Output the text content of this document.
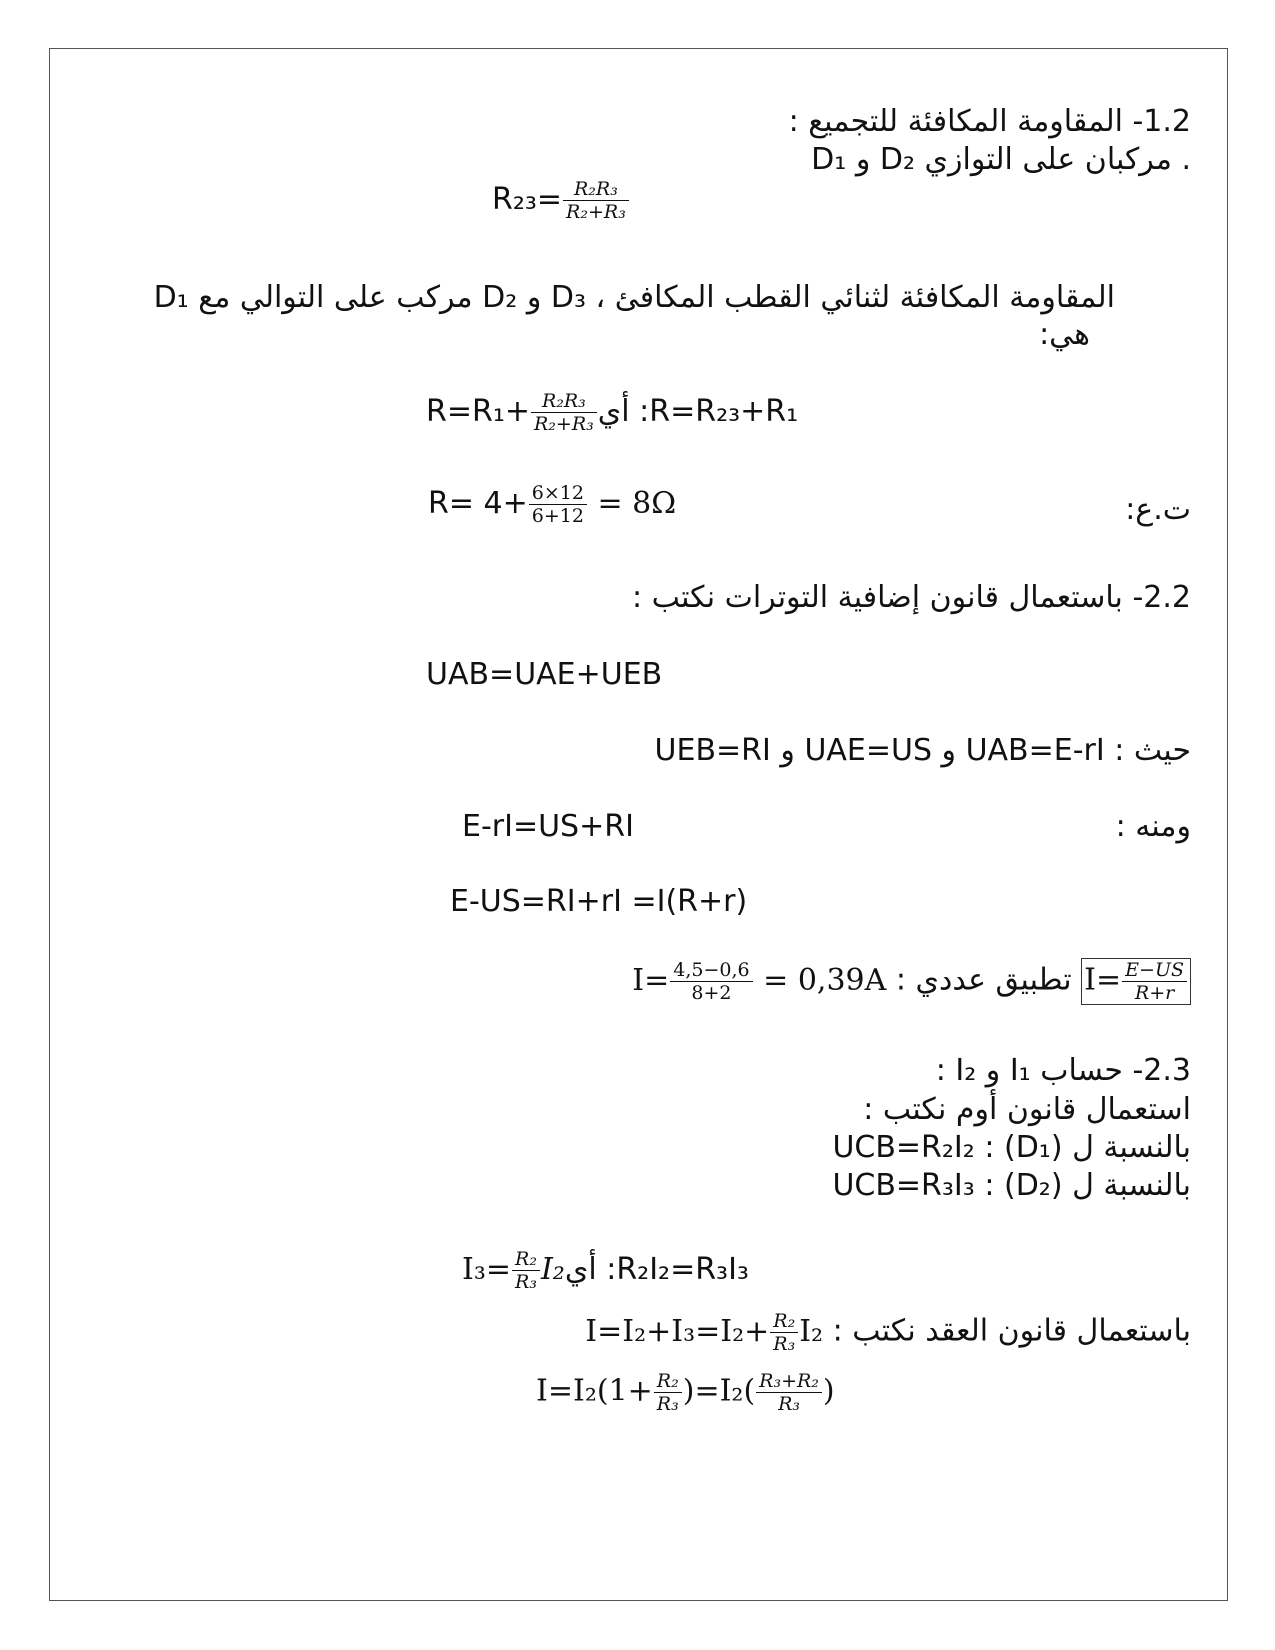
1.2- المقاومة المكافئة للتجميع :
D₁ و D₂ مركبان على التوازي .
$R_{23}= \frac{\text{R₂R₃}}{\text{R₂+R₃}}$
D₁ مركب على التوالي مع D₂ و D₃ ، المقاومة المكافئة لثنائي القطب المكافئ
هي:
$R=R_1+ \frac{\text{R₂R₃}}{\text{R₂+R₃}}$ أي :R=R₂₃+R₁
ت.ع:
$R= 4+ \frac{6\times 12}{6+12} = 8\Omega$
2.2- باستعمال قانون إضافية التوترات نكتب :
UAB=UAE+UEB
حيث : UAB=E-rI و UAE=US و UEB=RI
ومنه :
E-rI=US+RI
E-US=RI+rI =I(R+r)
$I= \frac{E-US}{R+r}$
تطبيق عددي : $I= \frac{4,5-0,6}{8+2} = 0,39A$
2.3- حساب I₁ و I₂ :
استعمال قانون أوم نكتب :
بالنسبة ل (D₁) : UCB=R₂I₂
بالنسبة ل (D₂) : UCB=R₃I₃
$I_3= \frac{\text{R₂}}{\text{R₃}}$ I₂أي :R₂I₂=R₃I₃
باستعمال قانون العقد نكتب : $I=I_2+I_3=I_2+ \frac{\text{R₂}}{\text{R₃}} I_2$
$I=I_2(1+ \frac{\text{R₂}}{\text{R₃}} )=I_2( \frac{\text{R₃+R₂}}{\text{R₃}}$ )
